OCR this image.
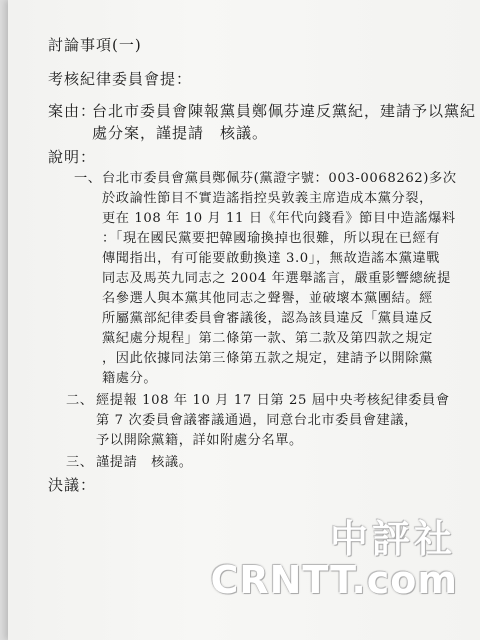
討論事項(一)
考核紀律委員會提：
案由：
台北市委員會陳報黨員鄭佩芬違反黨紀，建請予以黨紀
處分案，謹提請　核議。
說明：
一、 台北市委員會黨員鄭佩芬(黨證字號：003-0068262)多次
於政論性節目不實造謠指控吳敦義主席造成本黨分裂，
更在 108 年 10 月 11 日《年代向錢看》節目中造謠爆料
：「現在國民黨要把韓國瑜換掉也很難，所以現在已經有
傳聞指出，有可能要啟動換達 3.0」，無故造謠本黨違戰
同志及馬英九同志之 2004 年選舉謠言，嚴重影響總統提
名參選人與本黨其他同志之聲譽，並破壞本黨團結。經
所屬黨部紀律委員會審議後，認為該員違反「黨員違反
黨紀處分規程」第二條第一款、第二款及第四款之規定
，因此依據同法第三條第五款之規定，建請予以開除黨
籍處分。
二、 經提報 108 年 10 月 17 日第 25 屆中央考核紀律委員會
第 7 次委員會議審議通過，同意台北市委員會建議，
予以開除黨籍，詳如附處分名單。
三、 謹提請　核議。
決議：
中評社
CRNTT.com
